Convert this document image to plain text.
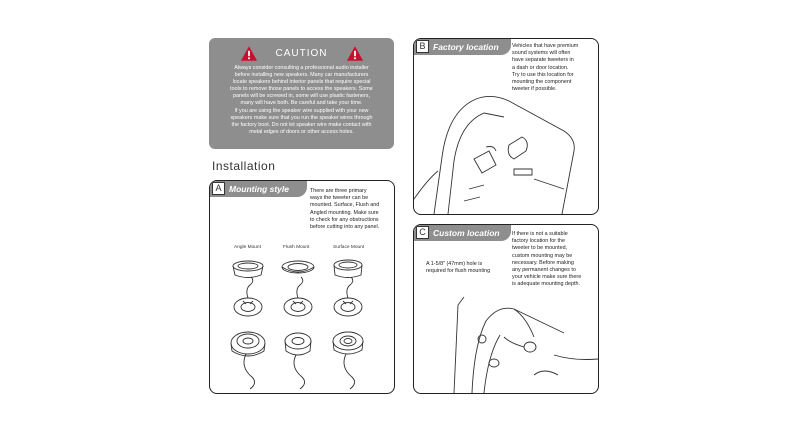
CAUTION
Always consider consulting a professional audio installer
before installing new speakers. Many car manufacturers
locate speakers behind interior panels that require special
tools to remove those panels to access the speakers. Some
panels will be screwed in, some will use plastic fasteners,
many will have both. Be careful and take your time.
If you are using the speaker wire supplied with your new
speakers make sure that you run the speaker wires through
the factory boot. Do not let speaker wire make contact with
metal edges of doors or other access holes.
Installation
A Mounting style	There are three primary
ways the tweeter can be
mounted. Surface, Flush and
Angled mounting. Make sure
to check for any obstructions
before cutting into any panel.
Angle Mount	Flush Mount	Surface Mount
B Factory location Vehicles that have premium
sound systems will often
have separate tweeters in
a dash or door location.
Try to use this location for
mounting the component
tweeter if possible.
C Custom location If there is not a suitable
factory location for the
tweeter to be mounted,
custom mounting may be
necessary. Before making
any permanent changes to
your vehicle make sure there
is adequate mounting depth.
A 1-5/8" (47mm) hole is
required for flush mounting
